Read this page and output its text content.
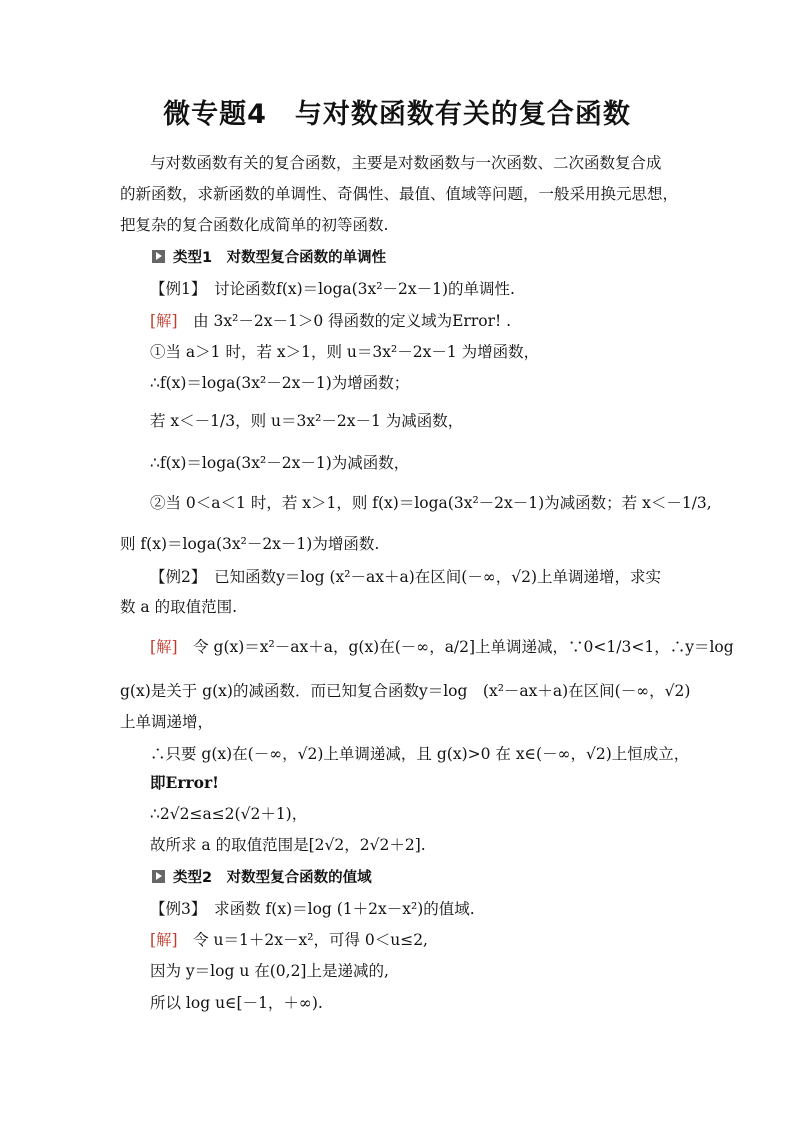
微专题4　与对数函数有关的复合函数
与对数函数有关的复合函数，主要是对数函数与一次函数、二次函数复合成
的新函数，求新函数的单调性、奇偶性、最值、值域等问题，一般采用换元思想，
把复杂的复合函数化成简单的初等函数.
类型1　对数型复合函数的单调性
【例1】　讨论函数f(x)＝loga(3x²－2x－1)的单调性.
[解]　由 3x²－2x－1＞0 得函数的定义域为Error! .
①当 a＞1 时，若 x＞1，则 u＝3x²－2x－1 为增函数，
∴f(x)＝loga(3x²－2x－1)为增函数；
若 x＜－1/3，则 u＝3x²－2x－1 为减函数，
∴f(x)＝loga(3x²－2x－1)为减函数，
②当 0＜a＜1 时，若 x＞1，则 f(x)＝loga(3x²－2x－1)为减函数；若 x＜－1/3,
则 f(x)＝loga(3x²－2x－1)为增函数.
【例2】　已知函数y＝log (x²－ax＋a)在区间(－∞，√2)上单调递增，求实
数 a 的取值范围.
[解]　令 g(x)＝x²－ax＋a，g(x)在(－∞，a/2]上单调递减，∵0<1/3<1，∴y＝log
g(x)是关于 g(x)的减函数．而已知复合函数y＝log　(x²－ax＋a)在区间(－∞，√2)
上单调递增，
∴只要 g(x)在(－∞，√2)上单调递减，且 g(x)>0 在 x∈(－∞，√2)上恒成立，
即Error!
∴2√2≤a≤2(√2＋1)，
故所求 a 的取值范围是[2√2，2√2＋2].
类型2　对数型复合函数的值域
【例3】　求函数 f(x)＝log (1＋2x－x²)的值域.
[解]　令 u＝1＋2x－x²，可得 0＜u≤2,
因为 y＝log u 在(0,2]上是递减的,
所以 log u∈[－1，＋∞).
